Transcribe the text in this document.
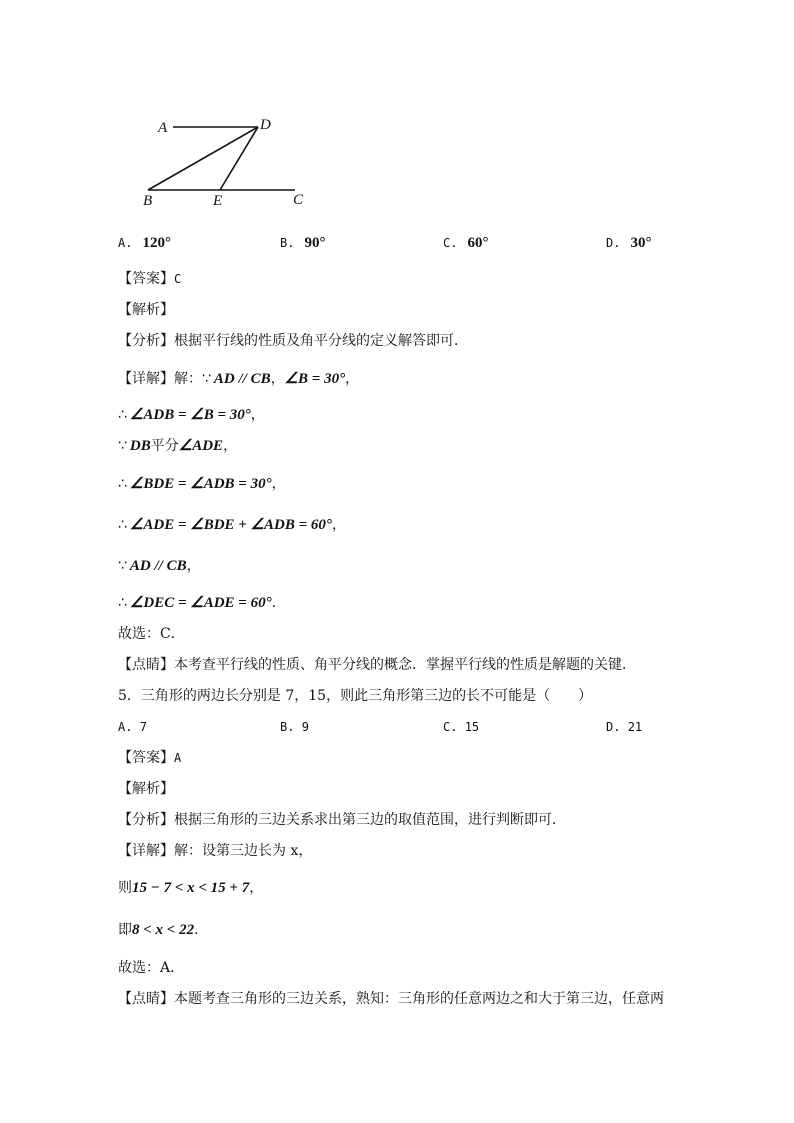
A	D
B	E	C
A. 120°	B. 90°	C. 60°	D. 30°
【答案】C
【解析】
【分析】根据平行线的性质及角平分线的定义解答即可．
【详解】解：∵ AD // CB，∠B = 30°，
∴ ∠ADB = ∠B = 30°，
∵ DB平分∠ADE，
∴ ∠BDE = ∠ADB = 30°，
∴ ∠ADE = ∠BDE + ∠ADB = 60°，
∵ AD // CB，
∴ ∠DEC = ∠ADE = 60°．
故选：C．
【点睛】本考查平行线的性质、角平分线的概念．掌握平行线的性质是解题的关键．
5．三角形的两边长分别是 7，15，则此三角形第三边的长不可能是（　　）
A. 7	B. 9	C. 15	D. 21
【答案】A
【解析】
【分析】根据三角形的三边关系求出第三边的取值范围，进行判断即可．
【详解】解：设第三边长为 x，
则15 − 7 < x < 15 + 7，
即8 < x < 22．
故选：A．
【点睛】本题考查三角形的三边关系，熟知：三角形的任意两边之和大于第三边，任意两
